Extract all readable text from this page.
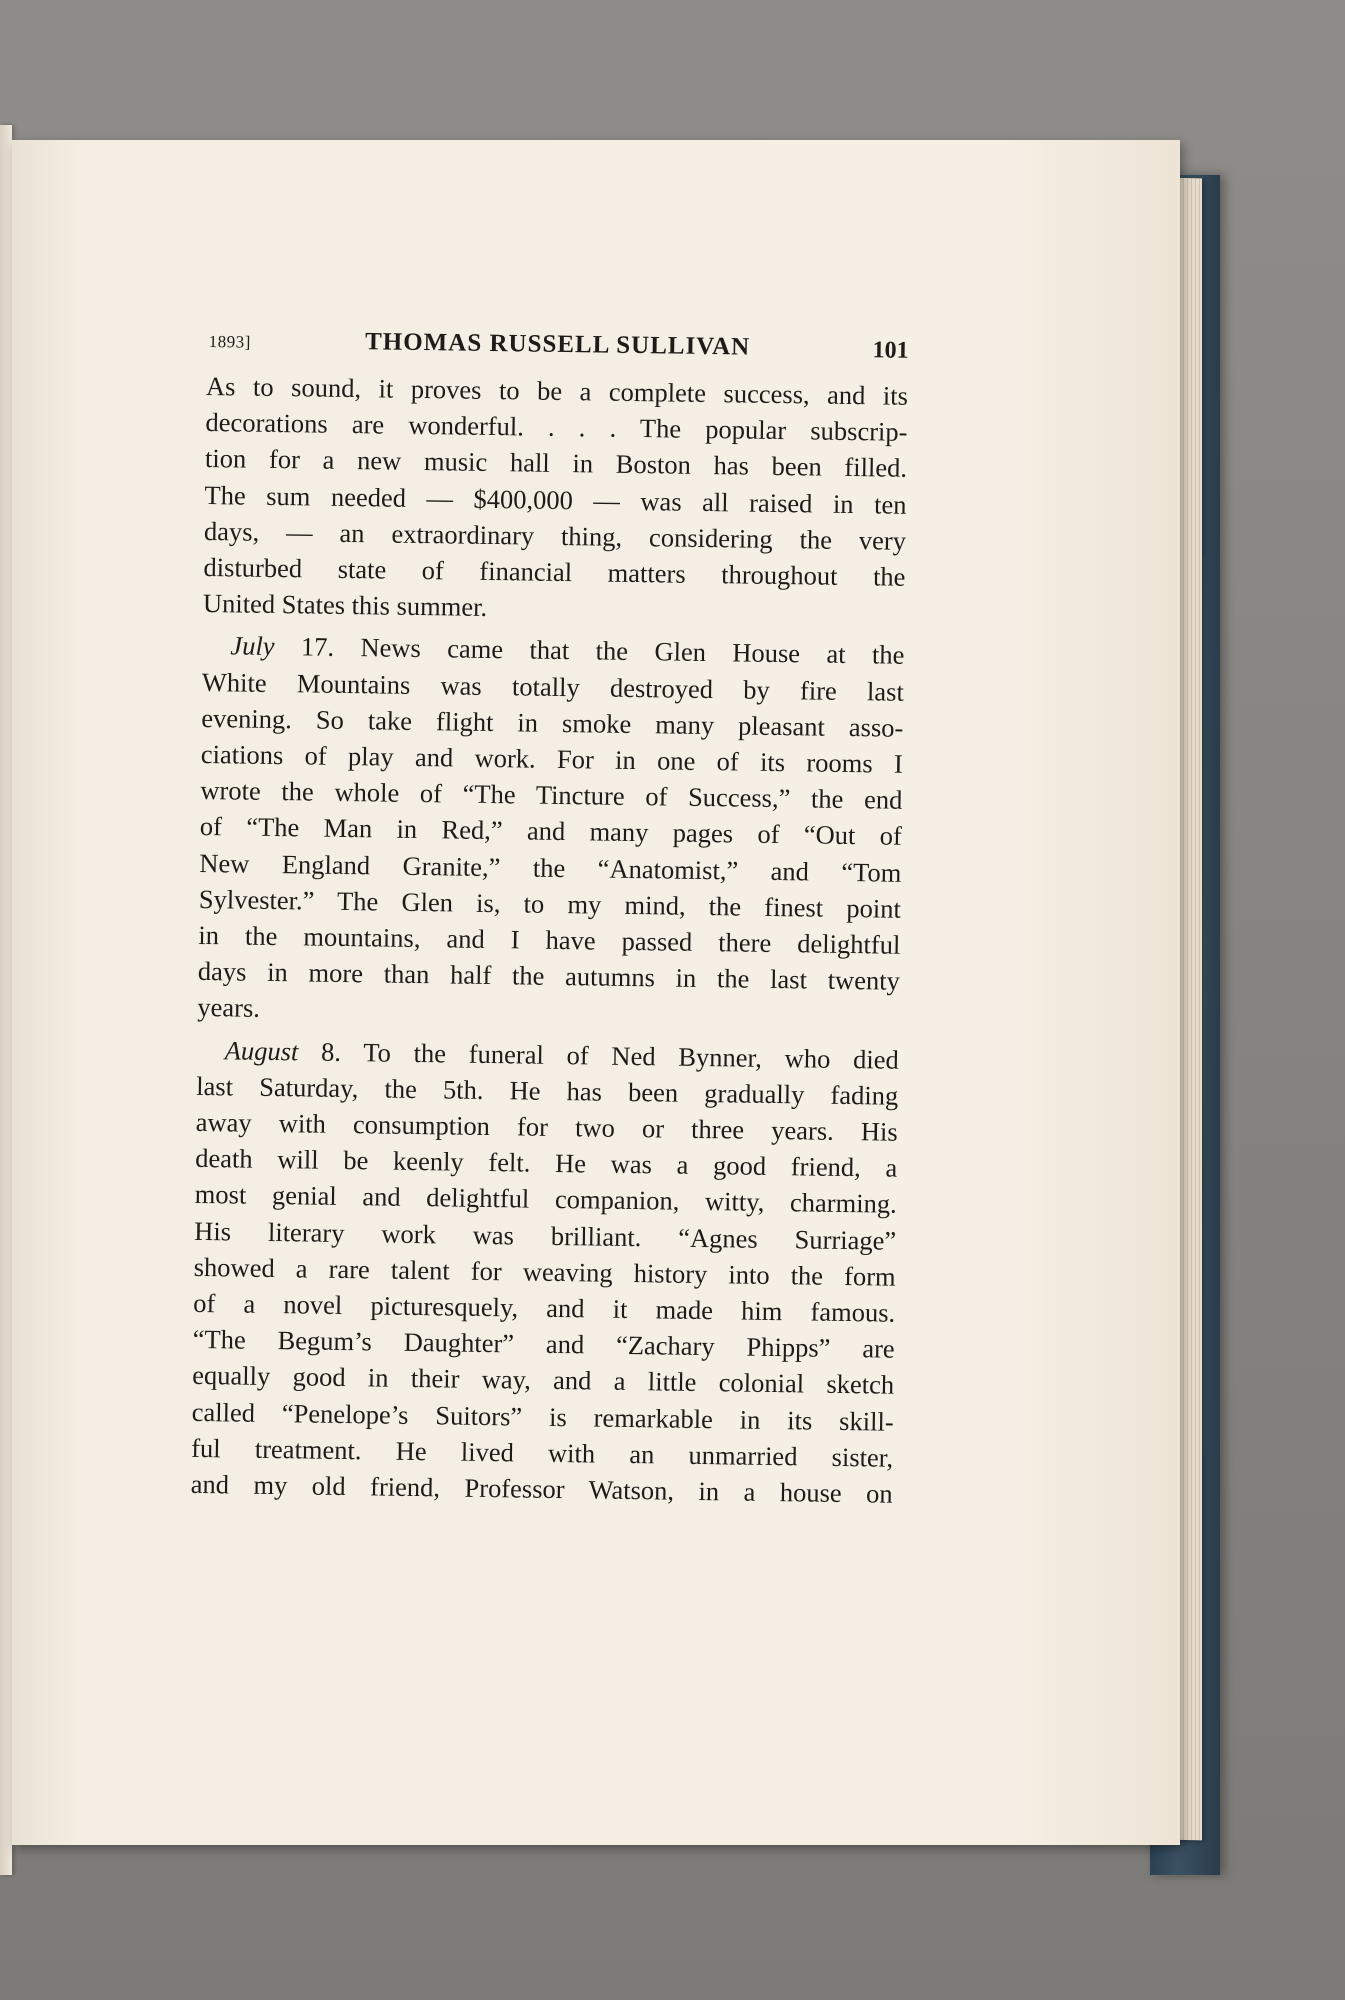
1893]	THOMAS RUSSELL SULLIVAN	101
As to sound, it proves to be a complete success, and its
decorations are wonderful. . . . The popular subscrip-
tion for a new music hall in Boston has been filled.
The sum needed — $400,000 — was all raised in ten
days, — an extraordinary thing, considering the very
disturbed state of financial matters throughout the
United States this summer.
July 17. News came that the Glen House at the
White Mountains was totally destroyed by fire last
evening. So take flight in smoke many pleasant asso-
ciations of play and work. For in one of its rooms I
wrote the whole of “The Tincture of Success,” the end
of “The Man in Red,” and many pages of “Out of
New England Granite,” the “Anatomist,” and “Tom
Sylvester.” The Glen is, to my mind, the finest point
in the mountains, and I have passed there delightful
days in more than half the autumns in the last twenty
years.
August 8. To the funeral of Ned Bynner, who died
last Saturday, the 5th. He has been gradually fading
away with consumption for two or three years. His
death will be keenly felt. He was a good friend, a
most genial and delightful companion, witty, charming.
His literary work was brilliant. “Agnes Surriage”
showed a rare talent for weaving history into the form
of a novel picturesquely, and it made him famous.
“The Begum’s Daughter” and “Zachary Phipps” are
equally good in their way, and a little colonial sketch
called “Penelope’s Suitors” is remarkable in its skill-
ful treatment. He lived with an unmarried sister,
and my old friend, Professor Watson, in a house on
